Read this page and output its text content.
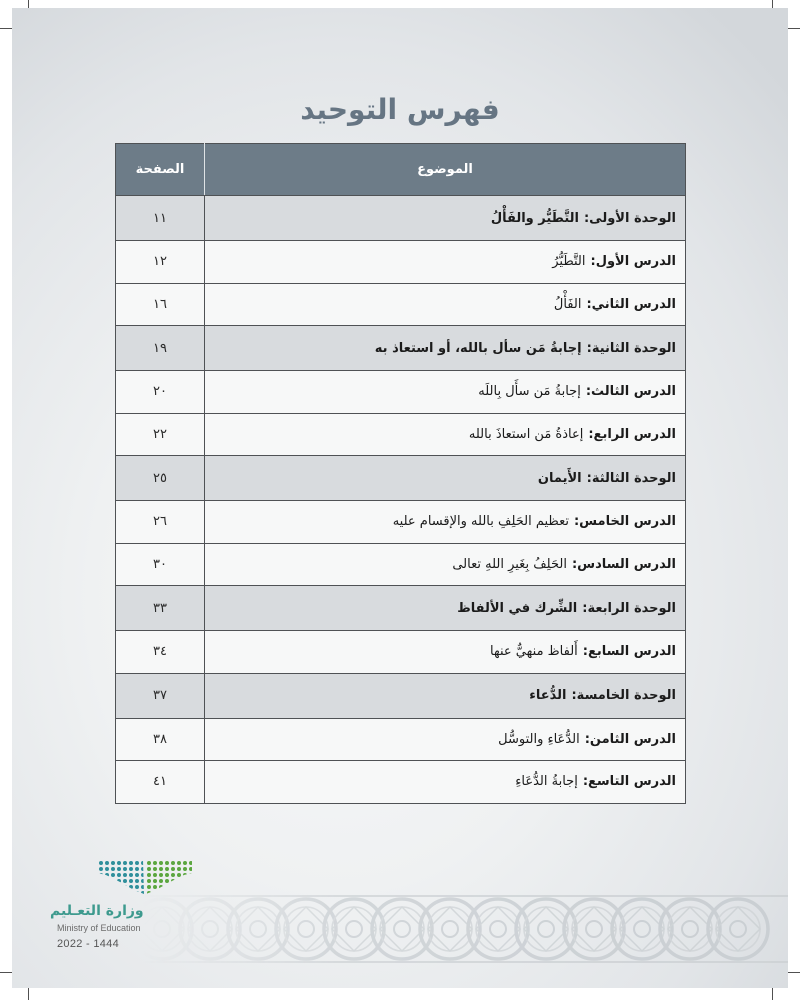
فهرس التوحيد
الموضوع	الصفحة
الوحدة الأولى:التَّطَيُّر والفَأْلُ	١١
الدرس الأول:التَّطَيُّرُ	١٢
الدرس الثاني:الفَأْلُ	١٦
الوحدة الثانية:إجابةُ مَن سأل بالله، أو استعاذ به	١٩
الدرس الثالث:إجابةُ مَن سأَل بِاللَه	٢٠
الدرس الرابع:إعاذةُ مَن استعاذَ بالله	٢٢
الوحدة الثالثة:الأَيمان	٢٥
الدرس الخامس:تعظيم الحَلِفِ بالله والإقسام عليه	٢٦
الدرس السادس:الحَلِفُ بِغَيرِ اللهِ تعالى	٣٠
الوحدة الرابعة:الشِّرك في الألفاظ	٣٣
الدرس السابع:أَلفاظ منهيٌّ عنها	٣٤
الوحدة الخامسة:الدُّعاء	٣٧
الدرس الثامن:الدُّعَاءِ والتوسُّل	٣٨
الدرس التاسع:إجابةُ الدُّعَاءِ	٤١
وزارة التعـليم
Ministry of Education
2022 - 1444
